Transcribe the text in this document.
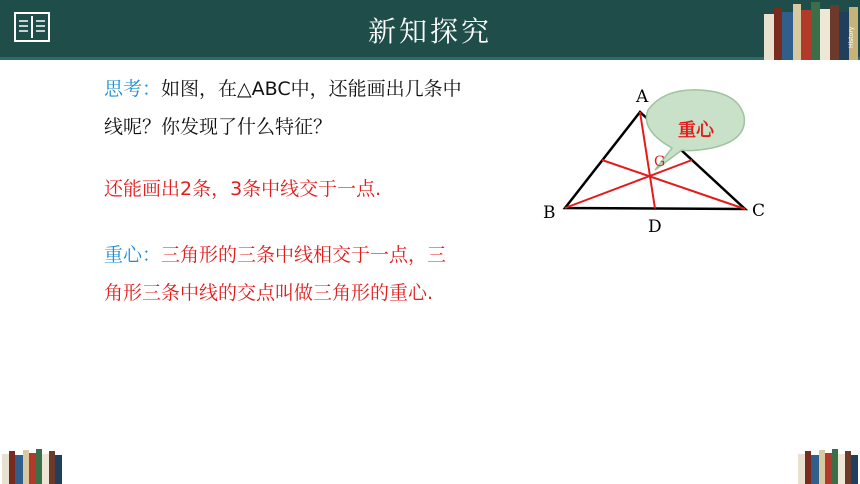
新知探究	History
思考：如图，在△ABC中，还能画出几条中
线呢？你发现了什么特征？
还能画出2条，3条中线交于一点.
重心：三角形的三条中线相交于一点，三
角形三条中线的交点叫做三角形的重心.
A
B	C
D
G
重心
